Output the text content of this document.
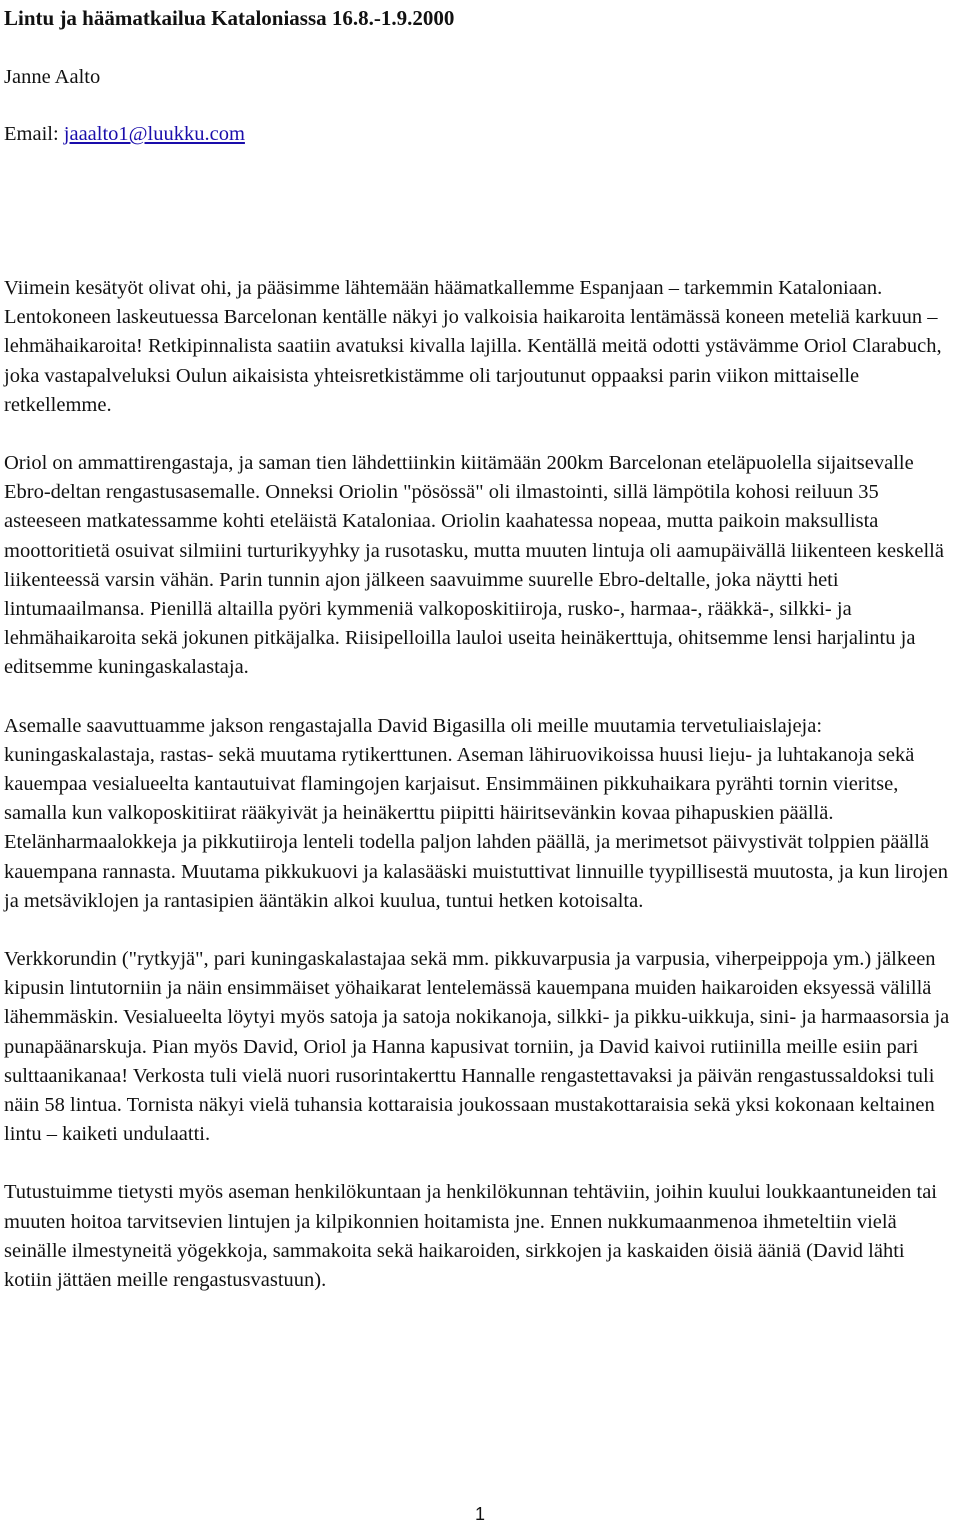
Lintu ja häämatkailua Kataloniassa 16.8.-1.9.2000
Janne Aalto
Email: jaaalto1@luukku.com

Viimein kesätyöt olivat ohi, ja pääsimme lähtemään häämatkallemme Espanjaan – tarkemmin Kataloniaan. Lentokoneen laskeutuessa Barcelonan kentälle näkyi jo valkoisia haikaroita lentämässä koneen meteliä karkuun – lehmähaikaroita! Retkipinnalista saatiin avatuksi kivalla lajilla. Kentällä meitä odotti ystävämme Oriol Clarabuch, joka vastapalveluksi Oulun aikaisista yhteisretkistämme oli tarjoutunut oppaaksi parin viikon mittaiselle retkellemme.

Oriol on ammattirengastaja, ja saman tien lähdettiinkin kiitämään 200km Barcelonan eteläpuolella sijaitsevalle Ebro-deltan rengastusasemalle. Onneksi Oriolin "pösössä" oli ilmastointi, sillä lämpötila kohosi reiluun 35 asteeseen matkatessamme kohti eteläistä Kataloniaa. Oriolin kaahatessa nopeaa, mutta paikoin maksullista moottoritietä osuivat silmiini turturikyyhky ja rusotasku, mutta muuten lintuja oli aamupäivällä liikenteen keskellä liikenteessä varsin vähän. Parin tunnin ajon jälkeen saavuimme suurelle Ebro-deltalle, joka näytti heti lintumaailmansa. Pienillä altailla pyöri kymmeniä valkoposkitiiroja, rusko-, harmaa-, rääkkä-, silkki- ja lehmähaikaroita sekä jokunen pitkäjalka. Riisipelloilla lauloi useita heinäkerttuja, ohitsemme lensi harjalintu ja editsemme kuningaskalastaja.

Asemalle saavuttuamme jakson rengastajalla David Bigasilla oli meille muutamia tervetuliaislajeja: kuningaskalastaja, rastas- sekä muutama rytikerttunen. Aseman lähiruovikoissa huusi lieju- ja luhtakanoja sekä kauempaa vesialueelta kantautuivat flamingojen karjaisut. Ensimmäinen pikkuhaikara pyrähti tornin vieritse, samalla kun valkoposkitiirat rääkyivät ja heinäkerttu piipitti häiritsevänkin kovaa pihapuskien päällä. Etelänharmaalokkeja ja pikkutiiroja lenteli todella paljon lahden päällä, ja merimetsot päivystivät tolppien päällä kauempana rannasta. Muutama pikkukuovi ja kalasääski muistuttivat linnuille tyypillisestä muutosta, ja kun lirojen ja metsäviklojen ja rantasipien ääntäkin alkoi kuulua, tuntui hetken kotoisalta.

Verkkorundin ("rytkyjä", pari kuningaskalastajaa sekä mm. pikkuvarpusia ja varpusia, viherpeippoja ym.) jälkeen kipusin lintutorniin ja näin ensimmäiset yöhaikarat lentelemässä kauempana muiden haikaroiden eksyessä välillä lähemmäskin. Vesialueelta löytyi myös satoja ja satoja nokikanoja, silkki- ja pikku-uikkuja, sini- ja harmaasorsia ja punapäänarskuja. Pian myös David, Oriol ja Hanna kapusivat torniin, ja David kaivoi rutiinilla meille esiin pari sulttaanikanaa! Verkosta tuli vielä nuori rusorintakerttu Hannalle rengastettavaksi ja päivän rengastussaldoksi tuli näin 58 lintua. Tornista näkyi vielä tuhansia kottaraisia joukossaan mustakottaraisia sekä yksi kokonaan keltainen lintu – kaiketi undulaatti.

Tutustuimme tietysti myös aseman henkilökuntaan ja henkilökunnan tehtäviin, joihin kuului loukkaantuneiden tai muuten hoitoa tarvitsevien lintujen ja kilpikonnien hoitamista jne. Ennen nukkumaanmenoa ihmeteltiin vielä seinälle ilmestyneitä yögekkoja, sammakoita sekä haikaroiden, sirkkojen ja kaskaiden öisiä ääniä (David lähti kotiin jättäen meille rengastusvastuun).

1
